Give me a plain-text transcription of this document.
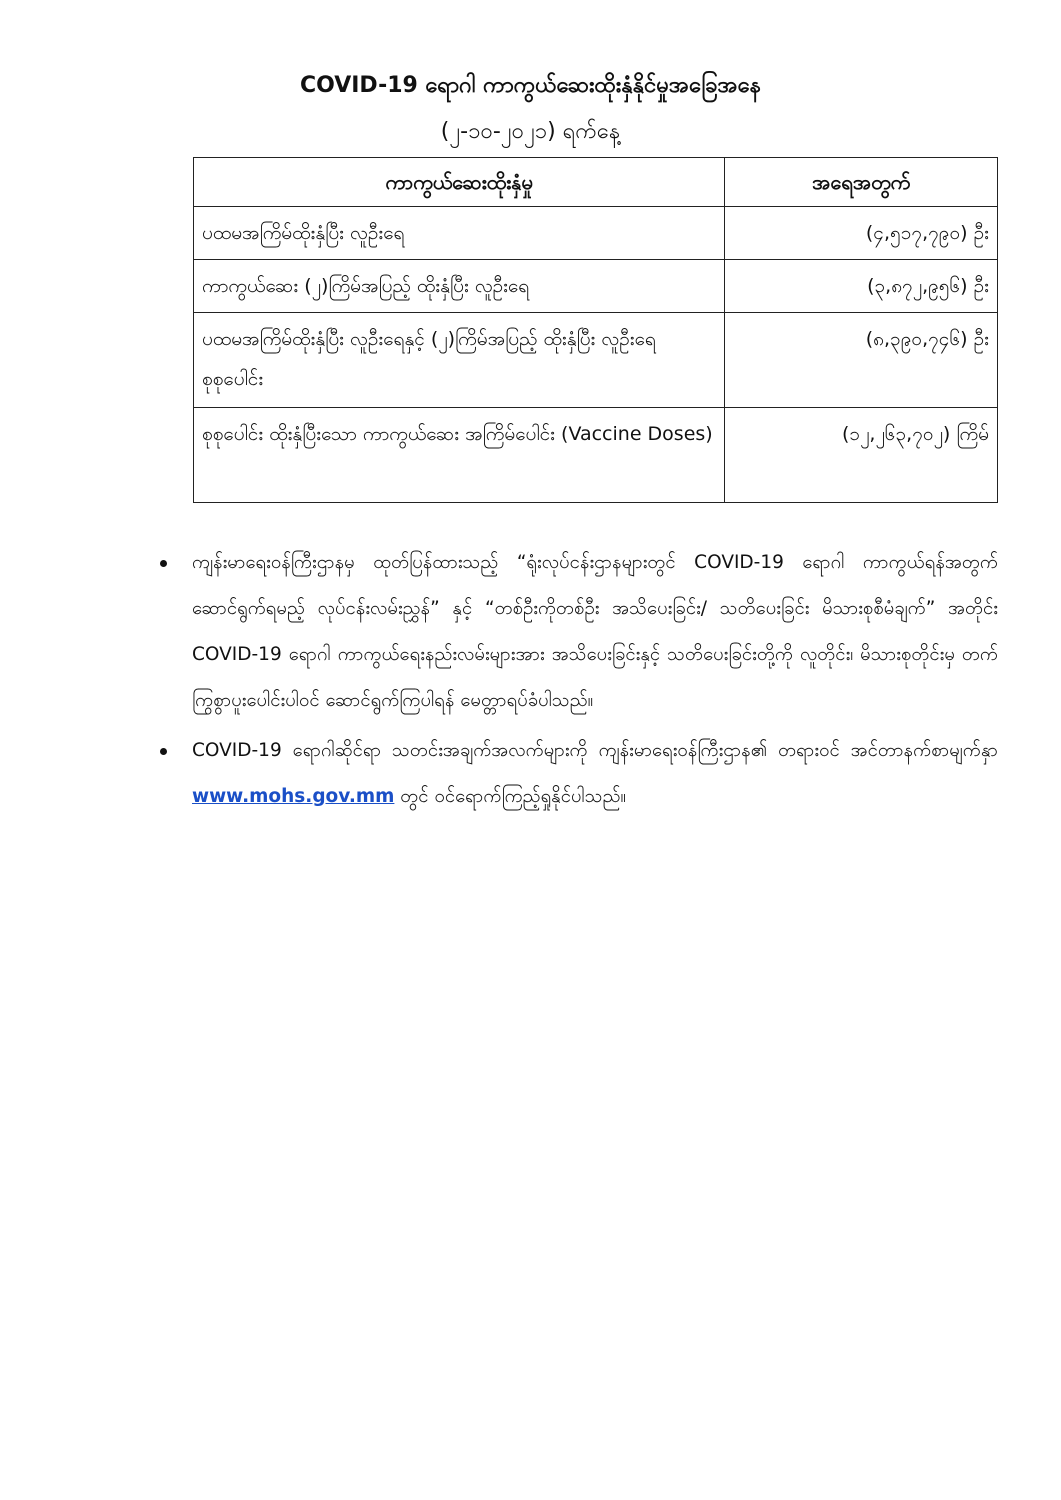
COVID-19 ရောဂါ ကာကွယ်ဆေးထိုးနှံနိုင်မှုအခြေအနေ
(၂-၁၀-၂၀၂၁) ရက်နေ့
ကာကွယ်ဆေးထိုးနှံမှု	အရေအတွက်
ပထမအကြိမ်ထိုးနှံပြီး လူဦးရေ	(၄,၅၁၇,၇၉၀) ဦး
ကာကွယ်ဆေး (၂)ကြိမ်အပြည့် ထိုးနှံပြီး လူဦးရေ	(၃,၈၇၂,၉၅၆) ဦး
ပထမအကြိမ်ထိုးနှံပြီး လူဦးရေနှင့် (၂)ကြိမ်အပြည့် ထိုးနှံပြီး လူဦးရေစုစုပေါင်း	(၈,၃၉၀,၇၄၆) ဦး
စုစုပေါင်း ထိုးနှံပြီးသော ကာကွယ်ဆေး အကြိမ်ပေါင်း (Vaccine Doses)	(၁၂,၂၆၃,၇၀၂) ကြိမ်
ကျန်းမာရေးဝန်ကြီးဌာနမှ ထုတ်ပြန်ထားသည့် “ရုံးလုပ်ငန်းဌာနများတွင် COVID-19 ရောဂါ ကာကွယ်ရန်အတွက် ဆောင်ရွက်ရမည့် လုပ်ငန်းလမ်းညွှန်” နှင့် “တစ်ဦးကိုတစ်ဦး အသိပေးခြင်း/ သတိပေးခြင်း မိသားစုစီမံချက်” အတိုင်း COVID-19 ရောဂါ ကာကွယ်ရေးနည်းလမ်းများအား အသိပေးခြင်းနှင့် သတိပေးခြင်းတို့ကို လူတိုင်း၊ မိသားစုတိုင်းမှ တက်ကြွစွာပူးပေါင်းပါဝင် ဆောင်ရွက်ကြပါရန် မေတ္တာရပ်ခံပါသည်။
COVID-19 ရောဂါဆိုင်ရာ သတင်းအချက်အလက်များကို ကျန်းမာရေးဝန်ကြီးဌာန၏ တရားဝင် အင်တာနက်စာမျက်နှာ www.mohs.gov.mm တွင် ဝင်ရောက်ကြည့်ရှုနိုင်ပါသည်။
